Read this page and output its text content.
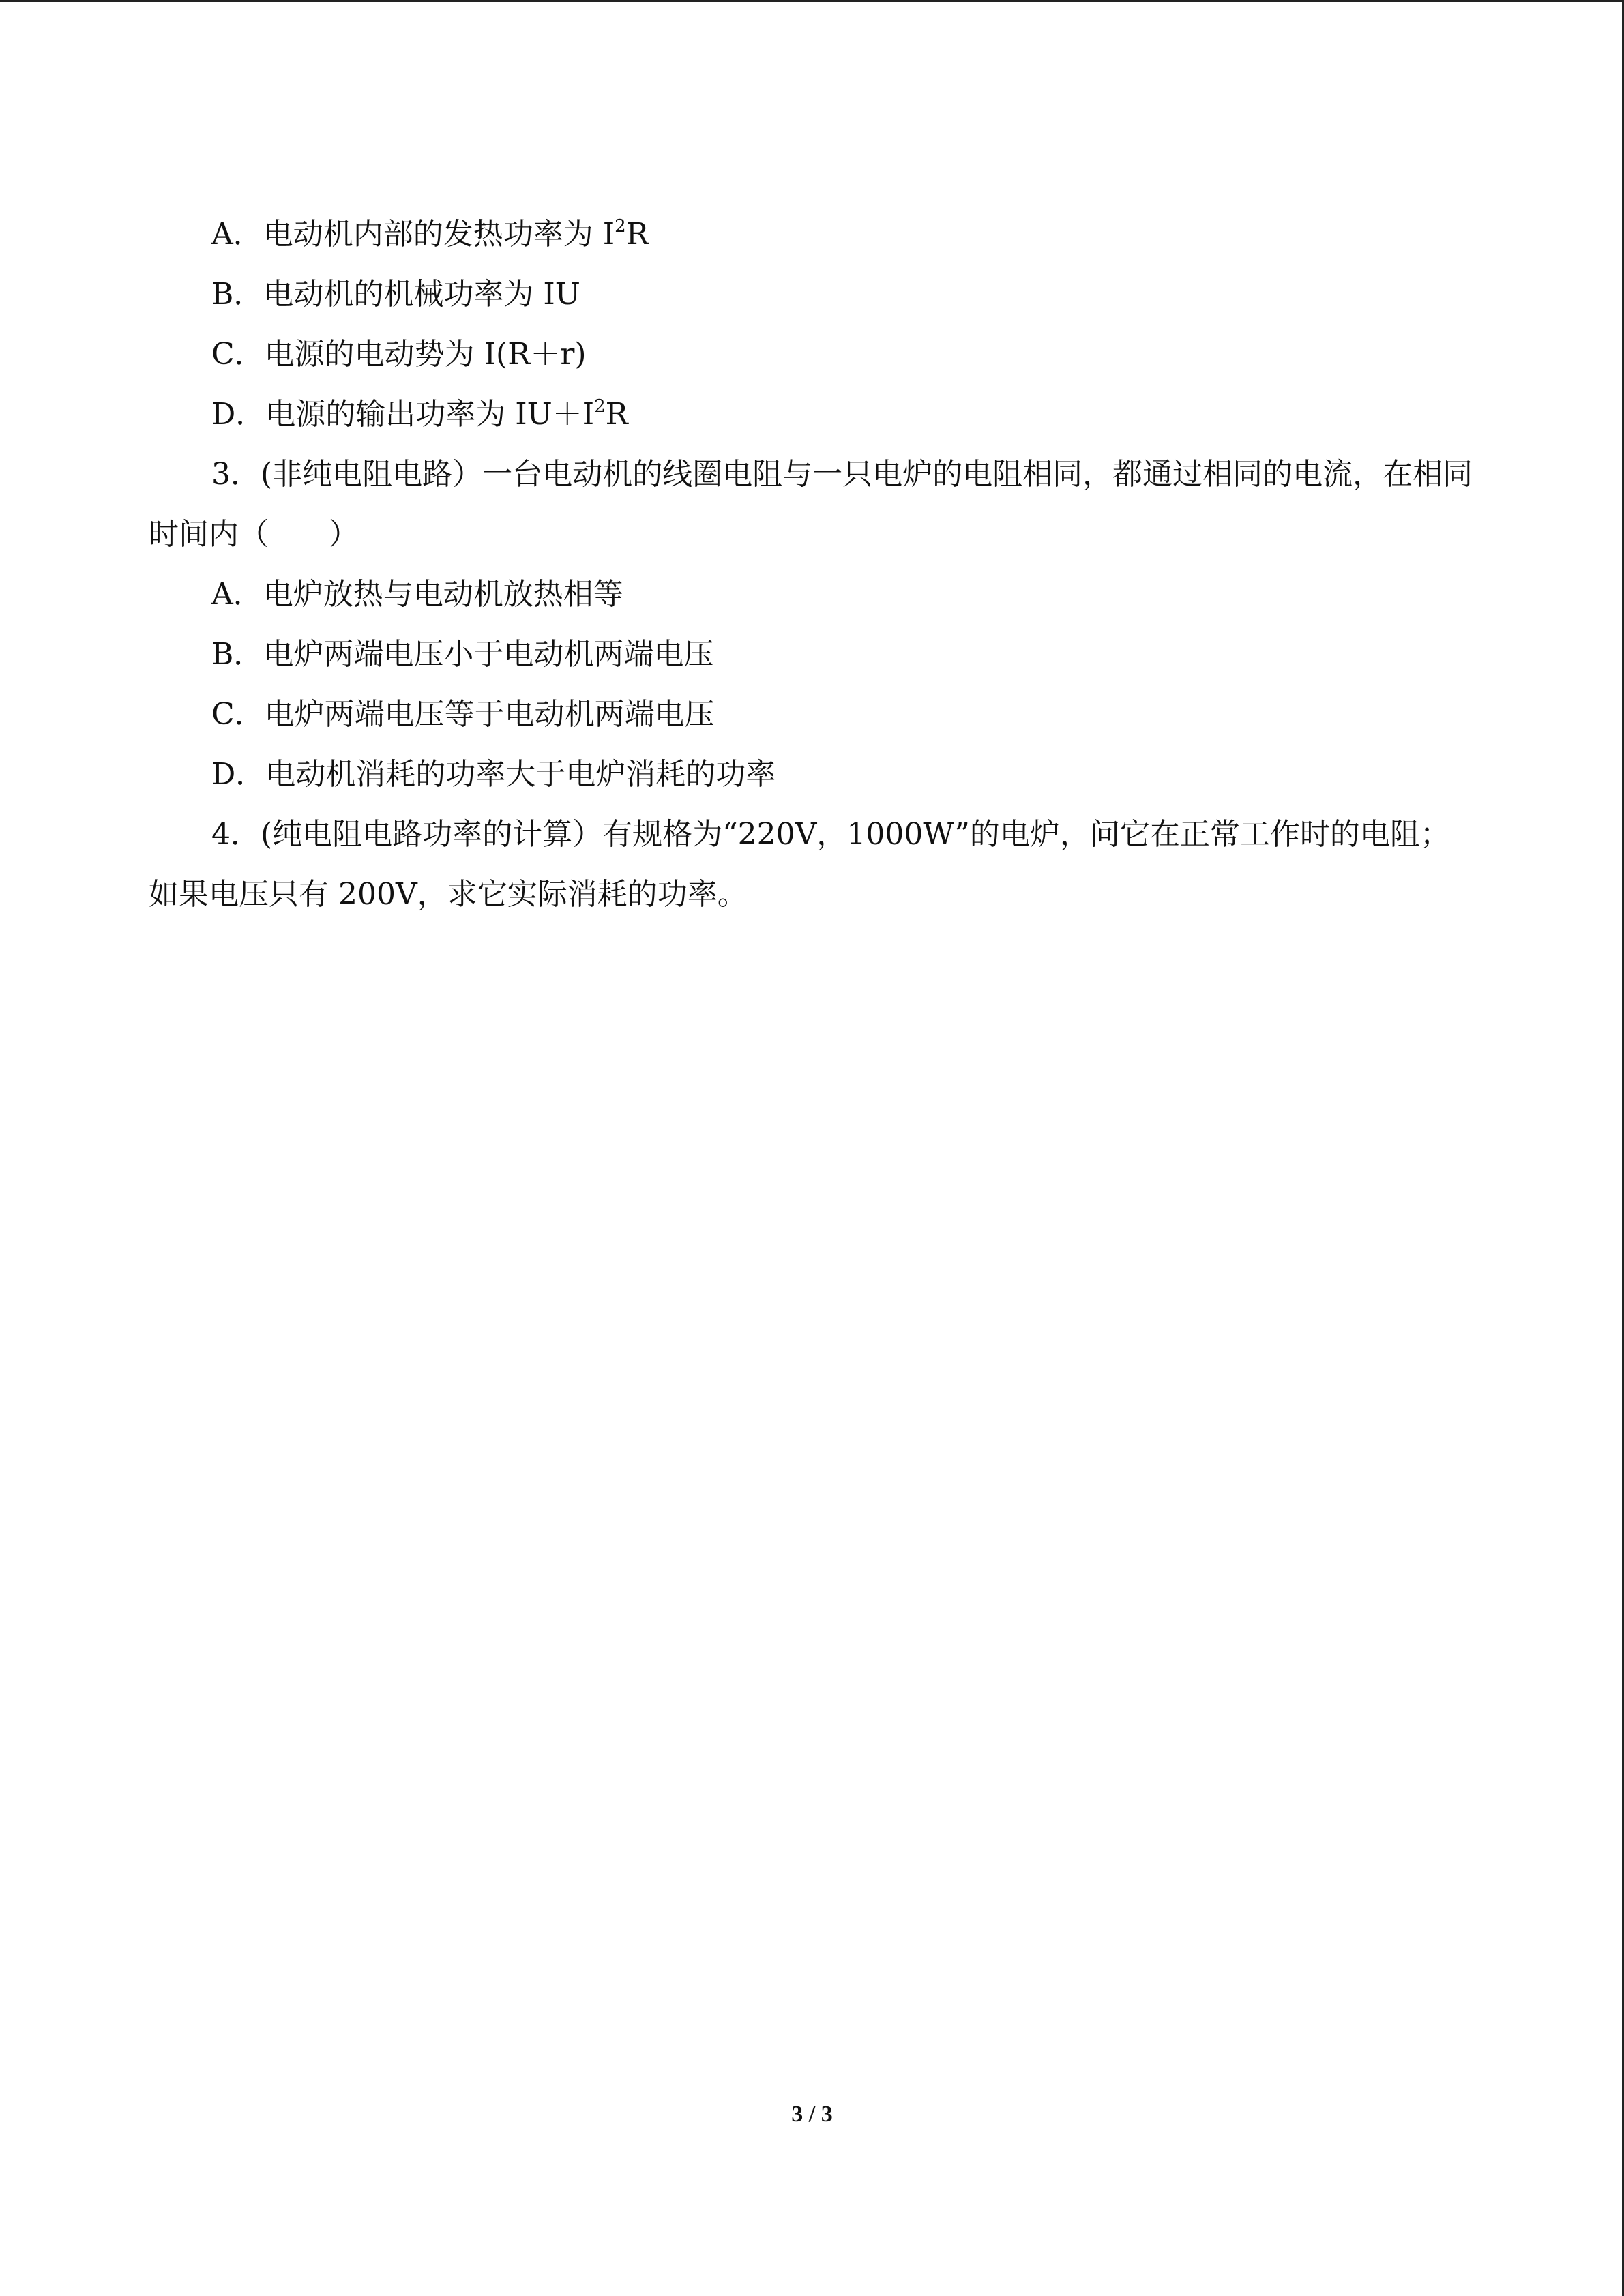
A．电动机内部的发热功率为 $I^2R$
B．电动机的机械功率为 IU
C．电源的电动势为 I(R＋r)
D．电源的输出功率为 $IU+I^2R$
3．(非纯电阻电路）一台电动机的线圈电阻与一只电炉的电阻相同，都通过相同的电流，在相同时间内（　　）
A．电炉放热与电动机放热相等
B．电炉两端电压小于电动机两端电压
C．电炉两端电压等于电动机两端电压
D．电动机消耗的功率大于电炉消耗的功率
4．(纯电阻电路功率的计算）有规格为“220V，1000W”的电炉，问它在正常工作时的电阻；如果电压只有 200V，求它实际消耗的功率。
3 / 3
